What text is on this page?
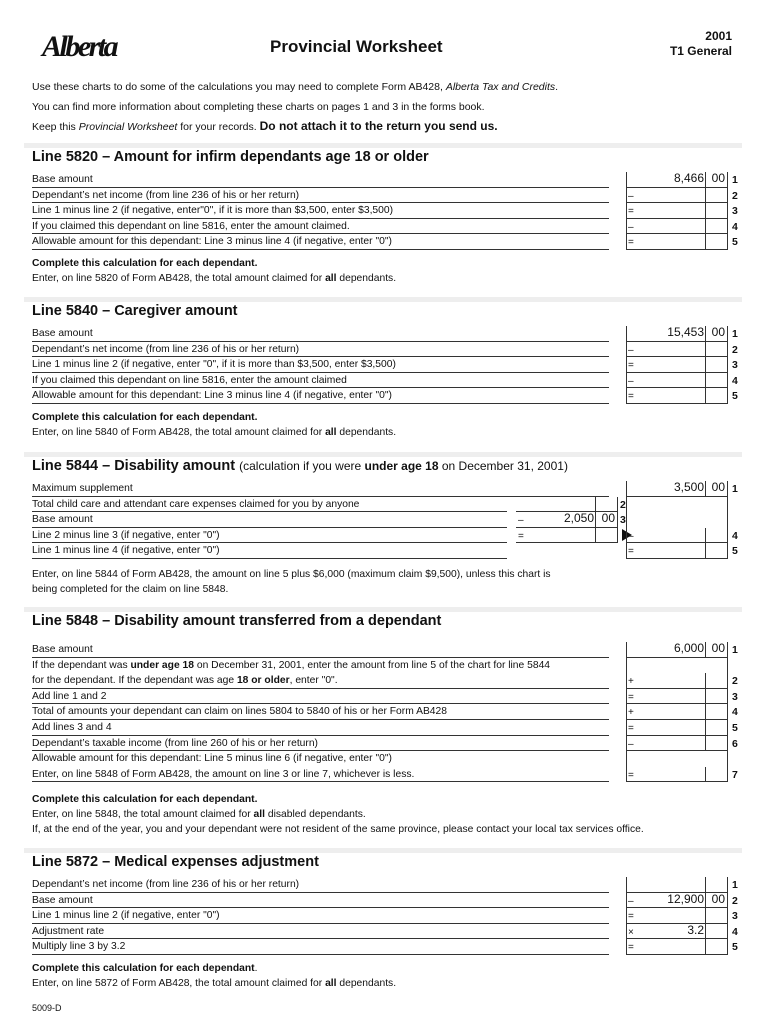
Alberta	Provincial Worksheet
2001
T1 General
Use these charts to do some of the calculations you may need to complete Form AB428, Alberta Tax and Credits.
You can find more information about completing these charts on pages 1 and 3 in the forms book.
Keep this Provincial Worksheet for your records. Do not attach it to the return you send us.
Line 5820 – Amount for infirm dependants age 18 or older
Base amount	8,466 00 1
Dependant’s net income (from line 236 of his or her return)	–	2
Line 1 minus line 2 (if negative, enter"0", if it is more than $3,500, enter $3,500)	=	3
If you claimed this dependant on line 5816, enter the amount claimed.	–	4
Allowable amount for this dependant: Line 3 minus line 4 (if negative, enter "0")	=	5
Complete this calculation for each dependant.
Enter, on line 5820 of Form AB428, the total amount claimed for all dependants.
Line 5840 – Caregiver amount
Base amount	15,453 00 1
Dependant’s net income (from line 236 of his or her return)	–	2
Line 1 minus line 2 (if negative, enter "0", if it is more than $3,500, enter $3,500)	=	3
If you claimed this dependant on line 5816, enter the amount claimed	–	4
Allowable amount for this dependant: Line 3 minus line 4 (if negative, enter "0")	=	5
Complete this calculation for each dependant.
Enter, on line 5840 of Form AB428, the total amount claimed for all dependants.
Line 5844 – Disability amount (calculation if you were under age 18 on December 31, 2001)
Maximum supplement	3,500 00 1
Total child care and attendant care expenses claimed for you by anyone	2
Base amount	–	2,050 00 3
Line 2 minus line 3 (if negative, enter "0")	=	–	4
Line 1 minus line 4 (if negative, enter "0")	=	5
Enter, on line 5844 of Form AB428, the amount on line 5 plus $6,000 (maximum claim $9,500), unless this chart is
being completed for the claim on line 5848.
Line 5848 – Disability amount transferred from a dependant
Base amount	6,000 00 1
If the dependant was under age 18 on December 31, 2001, enter the amount from line 5 of the chart for line 5844
for the dependant. If the dependant was age 18 or older, enter "0".	+	2
Add line 1 and 2	=	3
Total of amounts your dependant can claim on lines 5804 to 5840 of his or her Form AB428	+	4
Add lines 3 and 4	=	5
Dependant’s taxable income (from line 260 of his or her return)	–	6
Allowable amount for this dependant: Line 5 minus line 6 (if negative, enter "0")
Enter, on line 5848 of Form AB428, the amount on line 3 or line 7, whichever is less.	=	7
Complete this calculation for each dependant.
Enter, on line 5848, the total amount claimed for all disabled dependants.
If, at the end of the year, you and your dependant were not resident of the same province, please contact your local tax services office.
Line 5872 – Medical expenses adjustment
Dependant’s net income (from line 236 of his or her return)	1
Base amount	–	12,900 00 2
Line 1 minus line 2 (if negative, enter "0")	=	3
Adjustment rate	×	3.2	4
Multiply line 3 by 3.2	=	5
Complete this calculation for each dependant.
Enter, on line 5872 of Form AB428, the total amount claimed for all dependants.
5009-D
